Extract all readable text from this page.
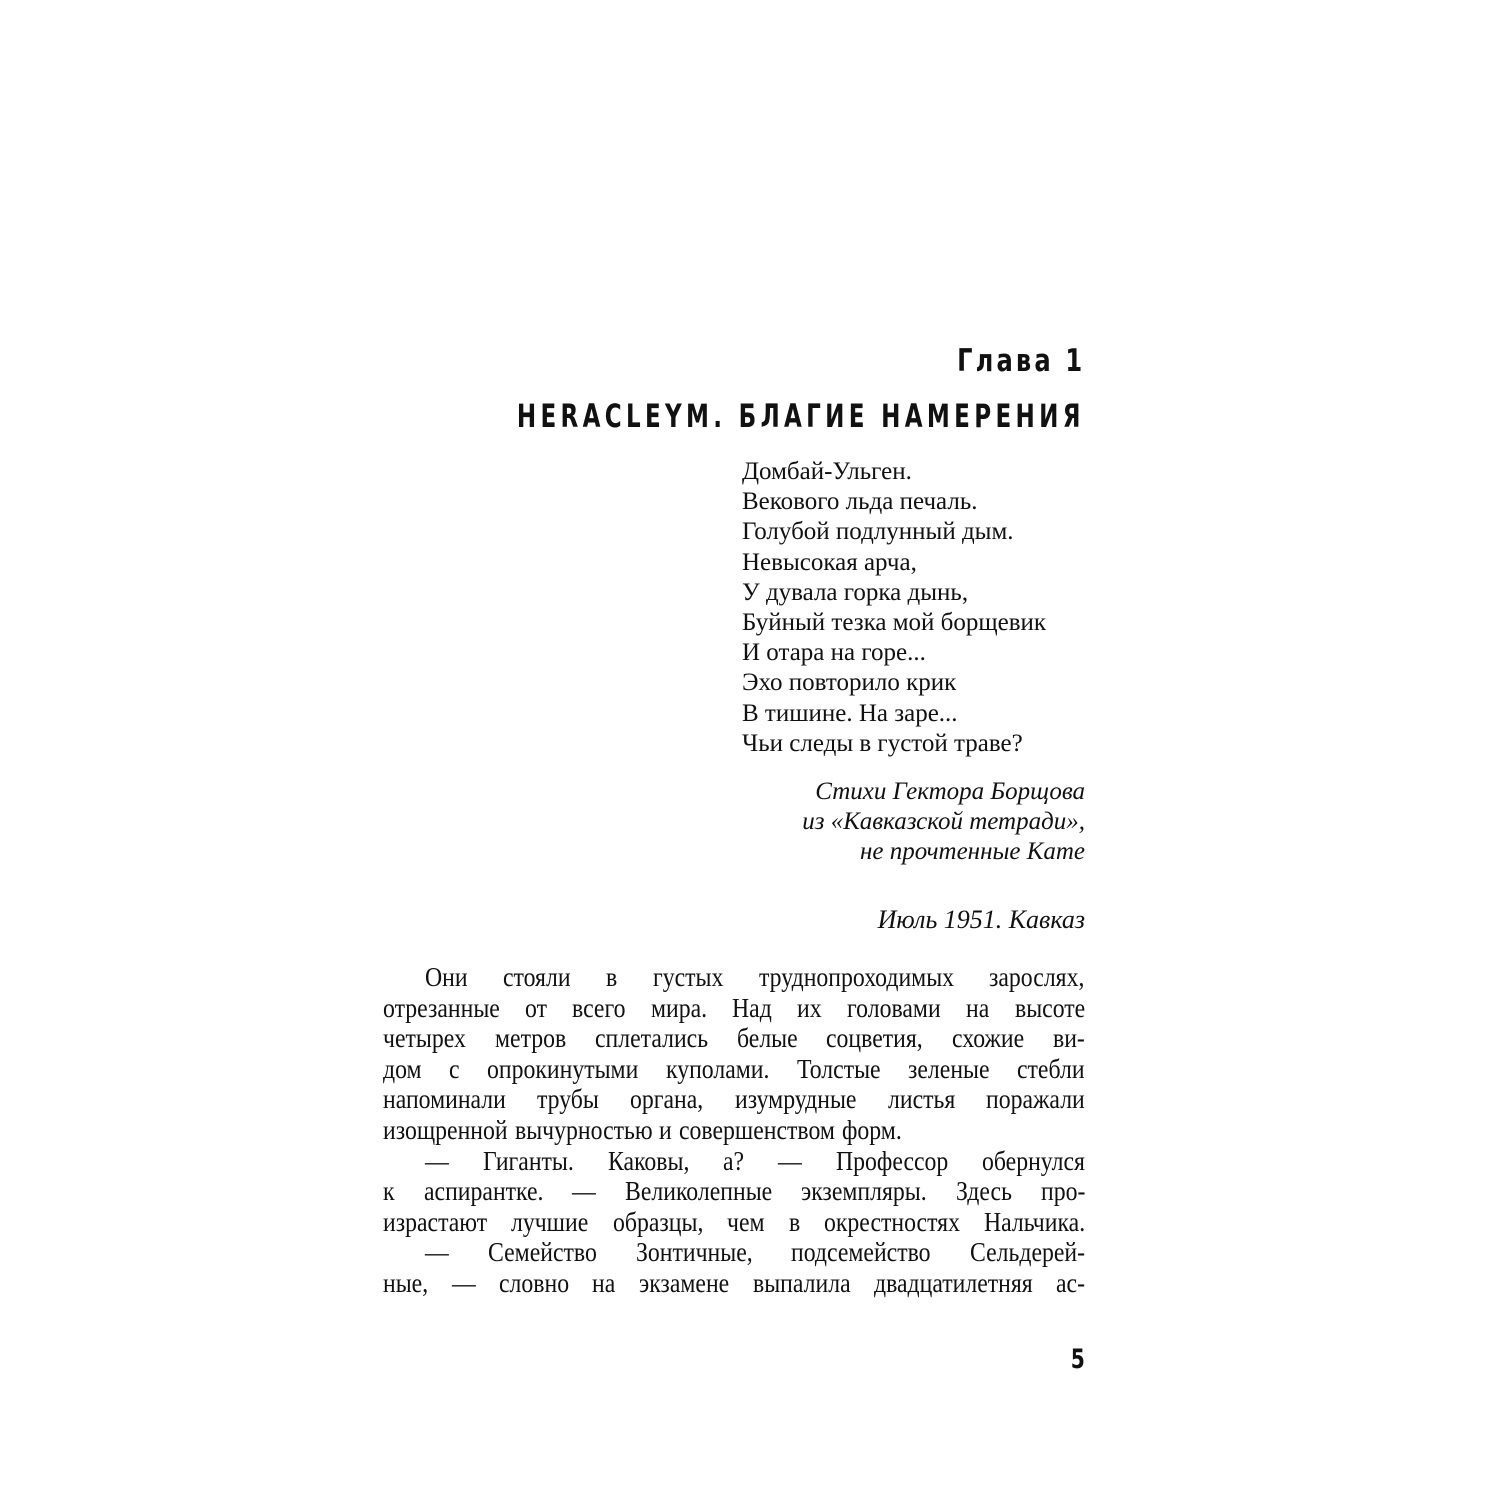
Глава 1
HERACLEYM. БЛАГИЕ НАМЕРЕНИЯ
Домбай-Ульген.
Векового льда печаль.
Голубой подлунный дым.
Невысокая арча,
У дувала горка дынь,
Буйный тезка мой борщевик
И отара на горе...
Эхо повторило крик
В тишине. На заре...
Чьи следы в густой траве?
Стихи Гектора Борщова
из «Кавказской тетради»,
не прочтенные Кате
Июль 1951. Кавказ
Они стояли в густых труднопроходимых зарослях,
отрезанные от всего мира. Над их головами на высоте
четырех метров сплетались белые соцветия, схожие ви-
дом с опрокинутыми куполами. Толстые зеленые стебли
напоминали трубы органа, изумрудные листья поражали
изощренной вычурностью и совершенством форм.
— Гиганты. Каковы, а? — Профессор обернулся
к аспирантке. — Великолепные экземпляры. Здесь про-
израстают лучшие образцы, чем в окрестностях Нальчика.
— Семейство Зонтичные, подсемейство Сельдерей-
ные, — словно на экзамене выпалила двадцатилетняя ас-
5
